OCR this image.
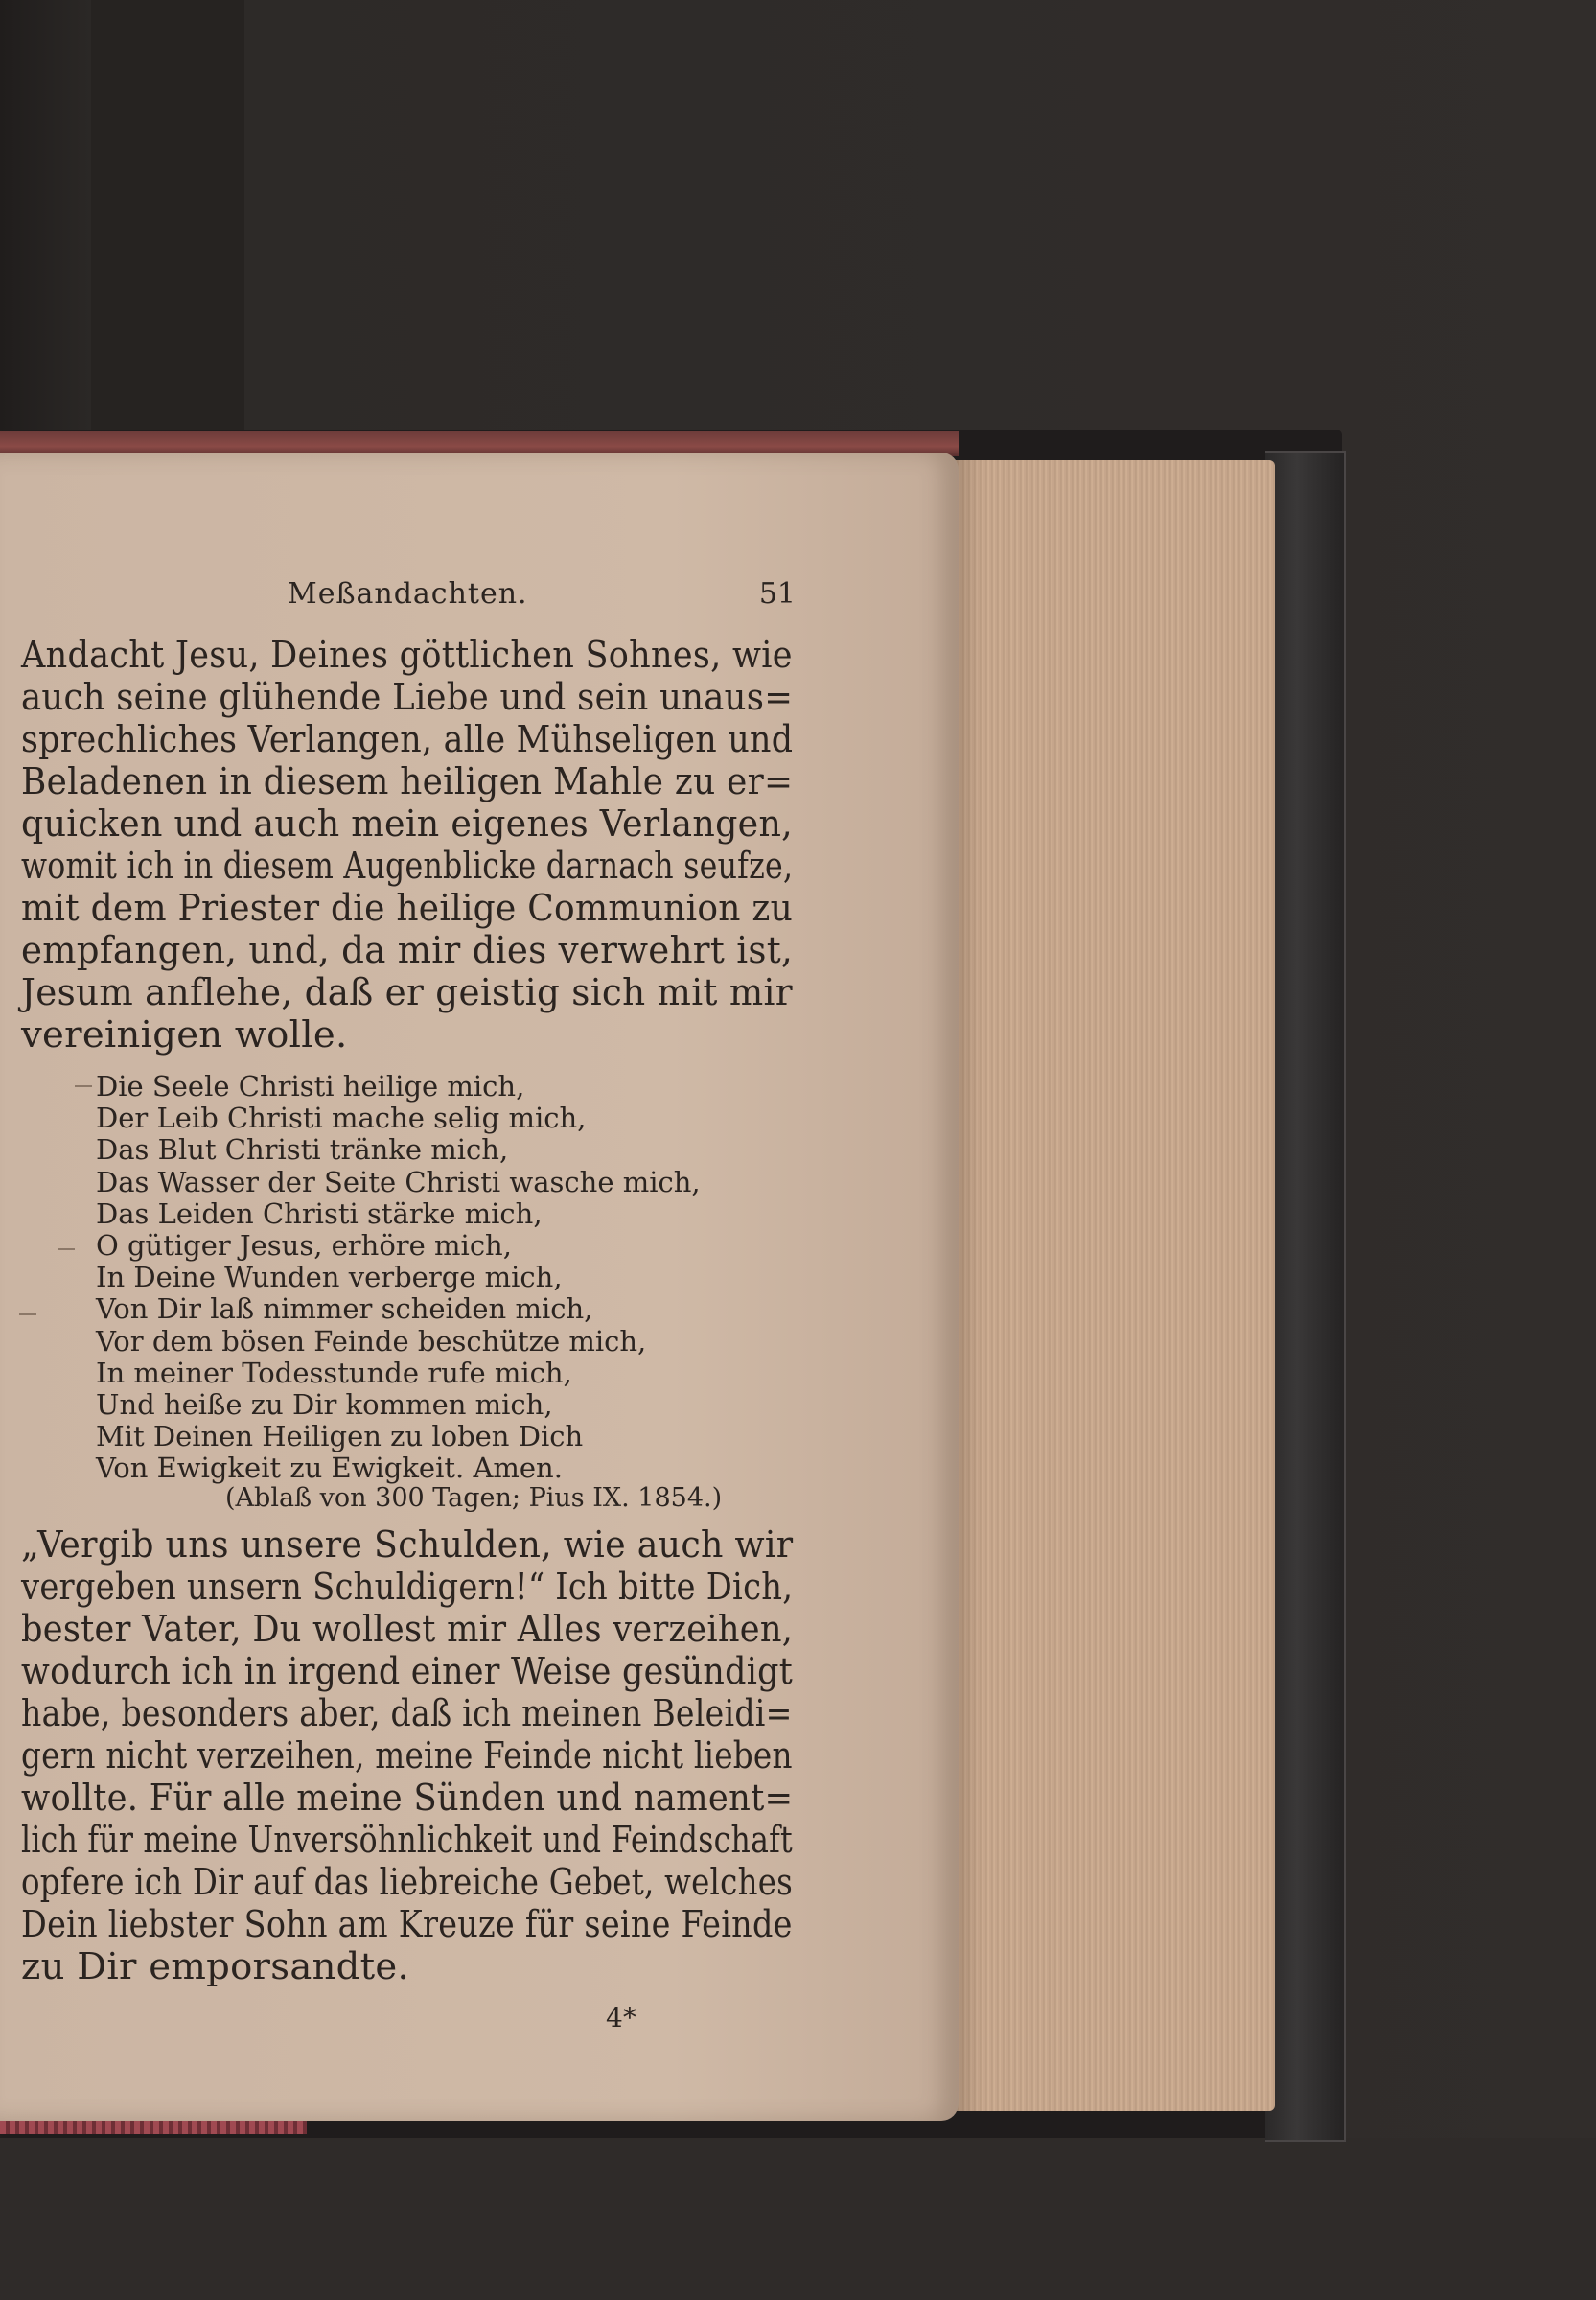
Meßandachten.	51
Andacht Jesu, Deines göttlichen Sohnes, wie
auch seine glühende Liebe und sein unaus=
sprechliches Verlangen, alle Mühseligen und
Beladenen in diesem heiligen Mahle zu er=
quicken und auch mein eigenes Verlangen,
womit ich in diesem Augenblicke darnach seufze,
mit dem Priester die heilige Communion zu
empfangen, und, da mir dies verwehrt ist,
Jesum anflehe, daß er geistig sich mit mir
vereinigen wolle.
Die Seele Christi heilige mich,
Der Leib Christi mache selig mich,
Das Blut Christi tränke mich,
Das Wasser der Seite Christi wasche mich,
Das Leiden Christi stärke mich,
O gütiger Jesus, erhöre mich,
In Deine Wunden verberge mich,
Von Dir laß nimmer scheiden mich,
Vor dem bösen Feinde beschütze mich,
In meiner Todesstunde rufe mich,
Und heiße zu Dir kommen mich,
Mit Deinen Heiligen zu loben Dich
Von Ewigkeit zu Ewigkeit. Amen.
(Ablaß von 300 Tagen; Pius IX. 1854.)
„Vergib uns unsere Schulden, wie auch wir
vergeben unsern Schuldigern!“ Ich bitte Dich,
bester Vater, Du wollest mir Alles verzeihen,
wodurch ich in irgend einer Weise gesündigt
habe, besonders aber, daß ich meinen Beleidi=
gern nicht verzeihen, meine Feinde nicht lieben
wollte. Für alle meine Sünden und nament=
lich für meine Unversöhnlichkeit und Feindschaft
opfere ich Dir auf das liebreiche Gebet, welches
Dein liebster Sohn am Kreuze für seine Feinde
zu Dir emporsandte.
4*
